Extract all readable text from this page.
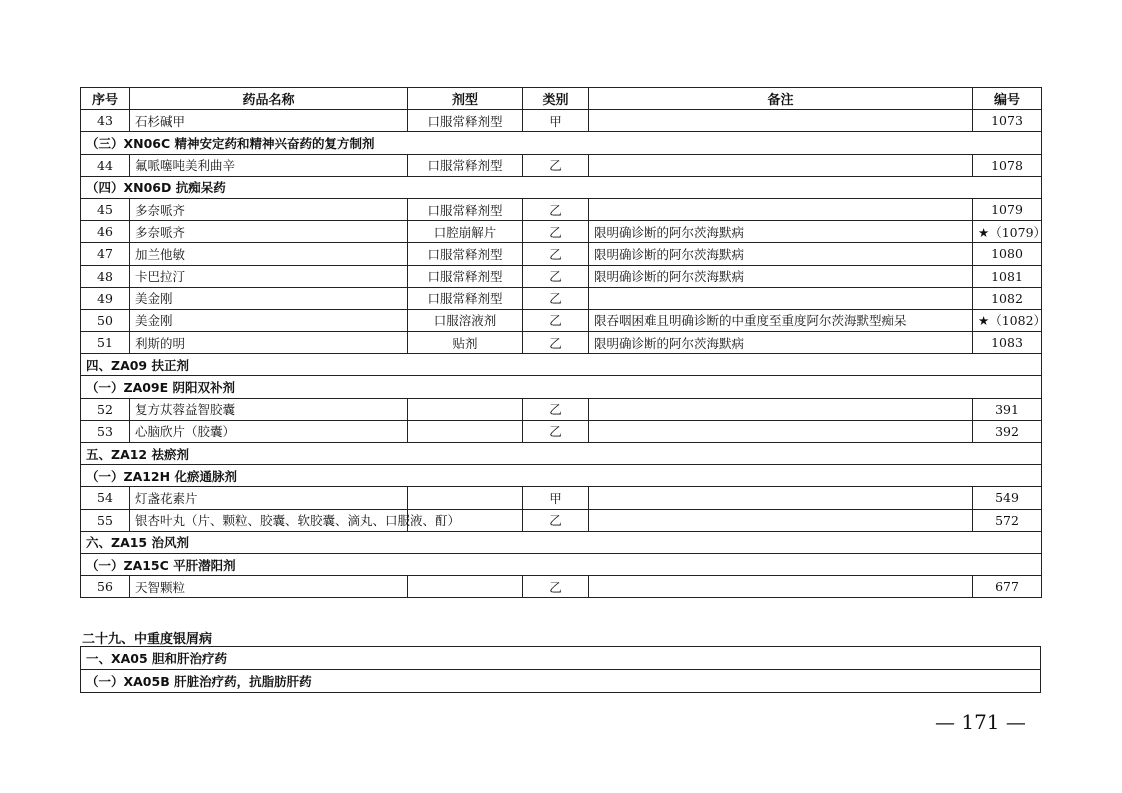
序号	药品名称	剂型	类别	备注	编号
43	石杉碱甲	口服常释剂型	甲		1073
（三）XN06C 精神安定药和精神兴奋药的复方制剂					
44	氟哌噻吨美利曲辛	口服常释剂型	乙		1078
（四）XN06D 抗痴呆药					
45	多奈哌齐	口服常释剂型	乙		1079
46	多奈哌齐	口腔崩解片	乙	限明确诊断的阿尔茨海默病	★（1079）
47	加兰他敏	口服常释剂型	乙	限明确诊断的阿尔茨海默病	1080
48	卡巴拉汀	口服常释剂型	乙	限明确诊断的阿尔茨海默病	1081
49	美金刚	口服常释剂型	乙		1082
50	美金刚	口服溶液剂	乙	限吞咽困难且明确诊断的中重度至重度阿尔茨海默型痴呆	★（1082）
51	利斯的明	贴剂	乙	限明确诊断的阿尔茨海默病	1083
四、ZA09 扶正剂					
（一）ZA09E 阴阳双补剂					
52	复方苁蓉益智胶囊		乙		391
53	心脑欣片（胶囊）		乙		392
五、ZA12 祛瘀剂					
（一）ZA12H 化瘀通脉剂					
54	灯盏花素片		甲		549
55	银杏叶丸（片、颗粒、胶囊、软胶囊、滴丸、口服液、酊）		乙		572
六、ZA15 治风剂					
（一）ZA15C 平肝潜阳剂					
56	天智颗粒		乙		677
二十九、中重度银屑病
一、XA05 胆和肝治疗药
（一）XA05B 肝脏治疗药，抗脂肪肝药
— 171 —
